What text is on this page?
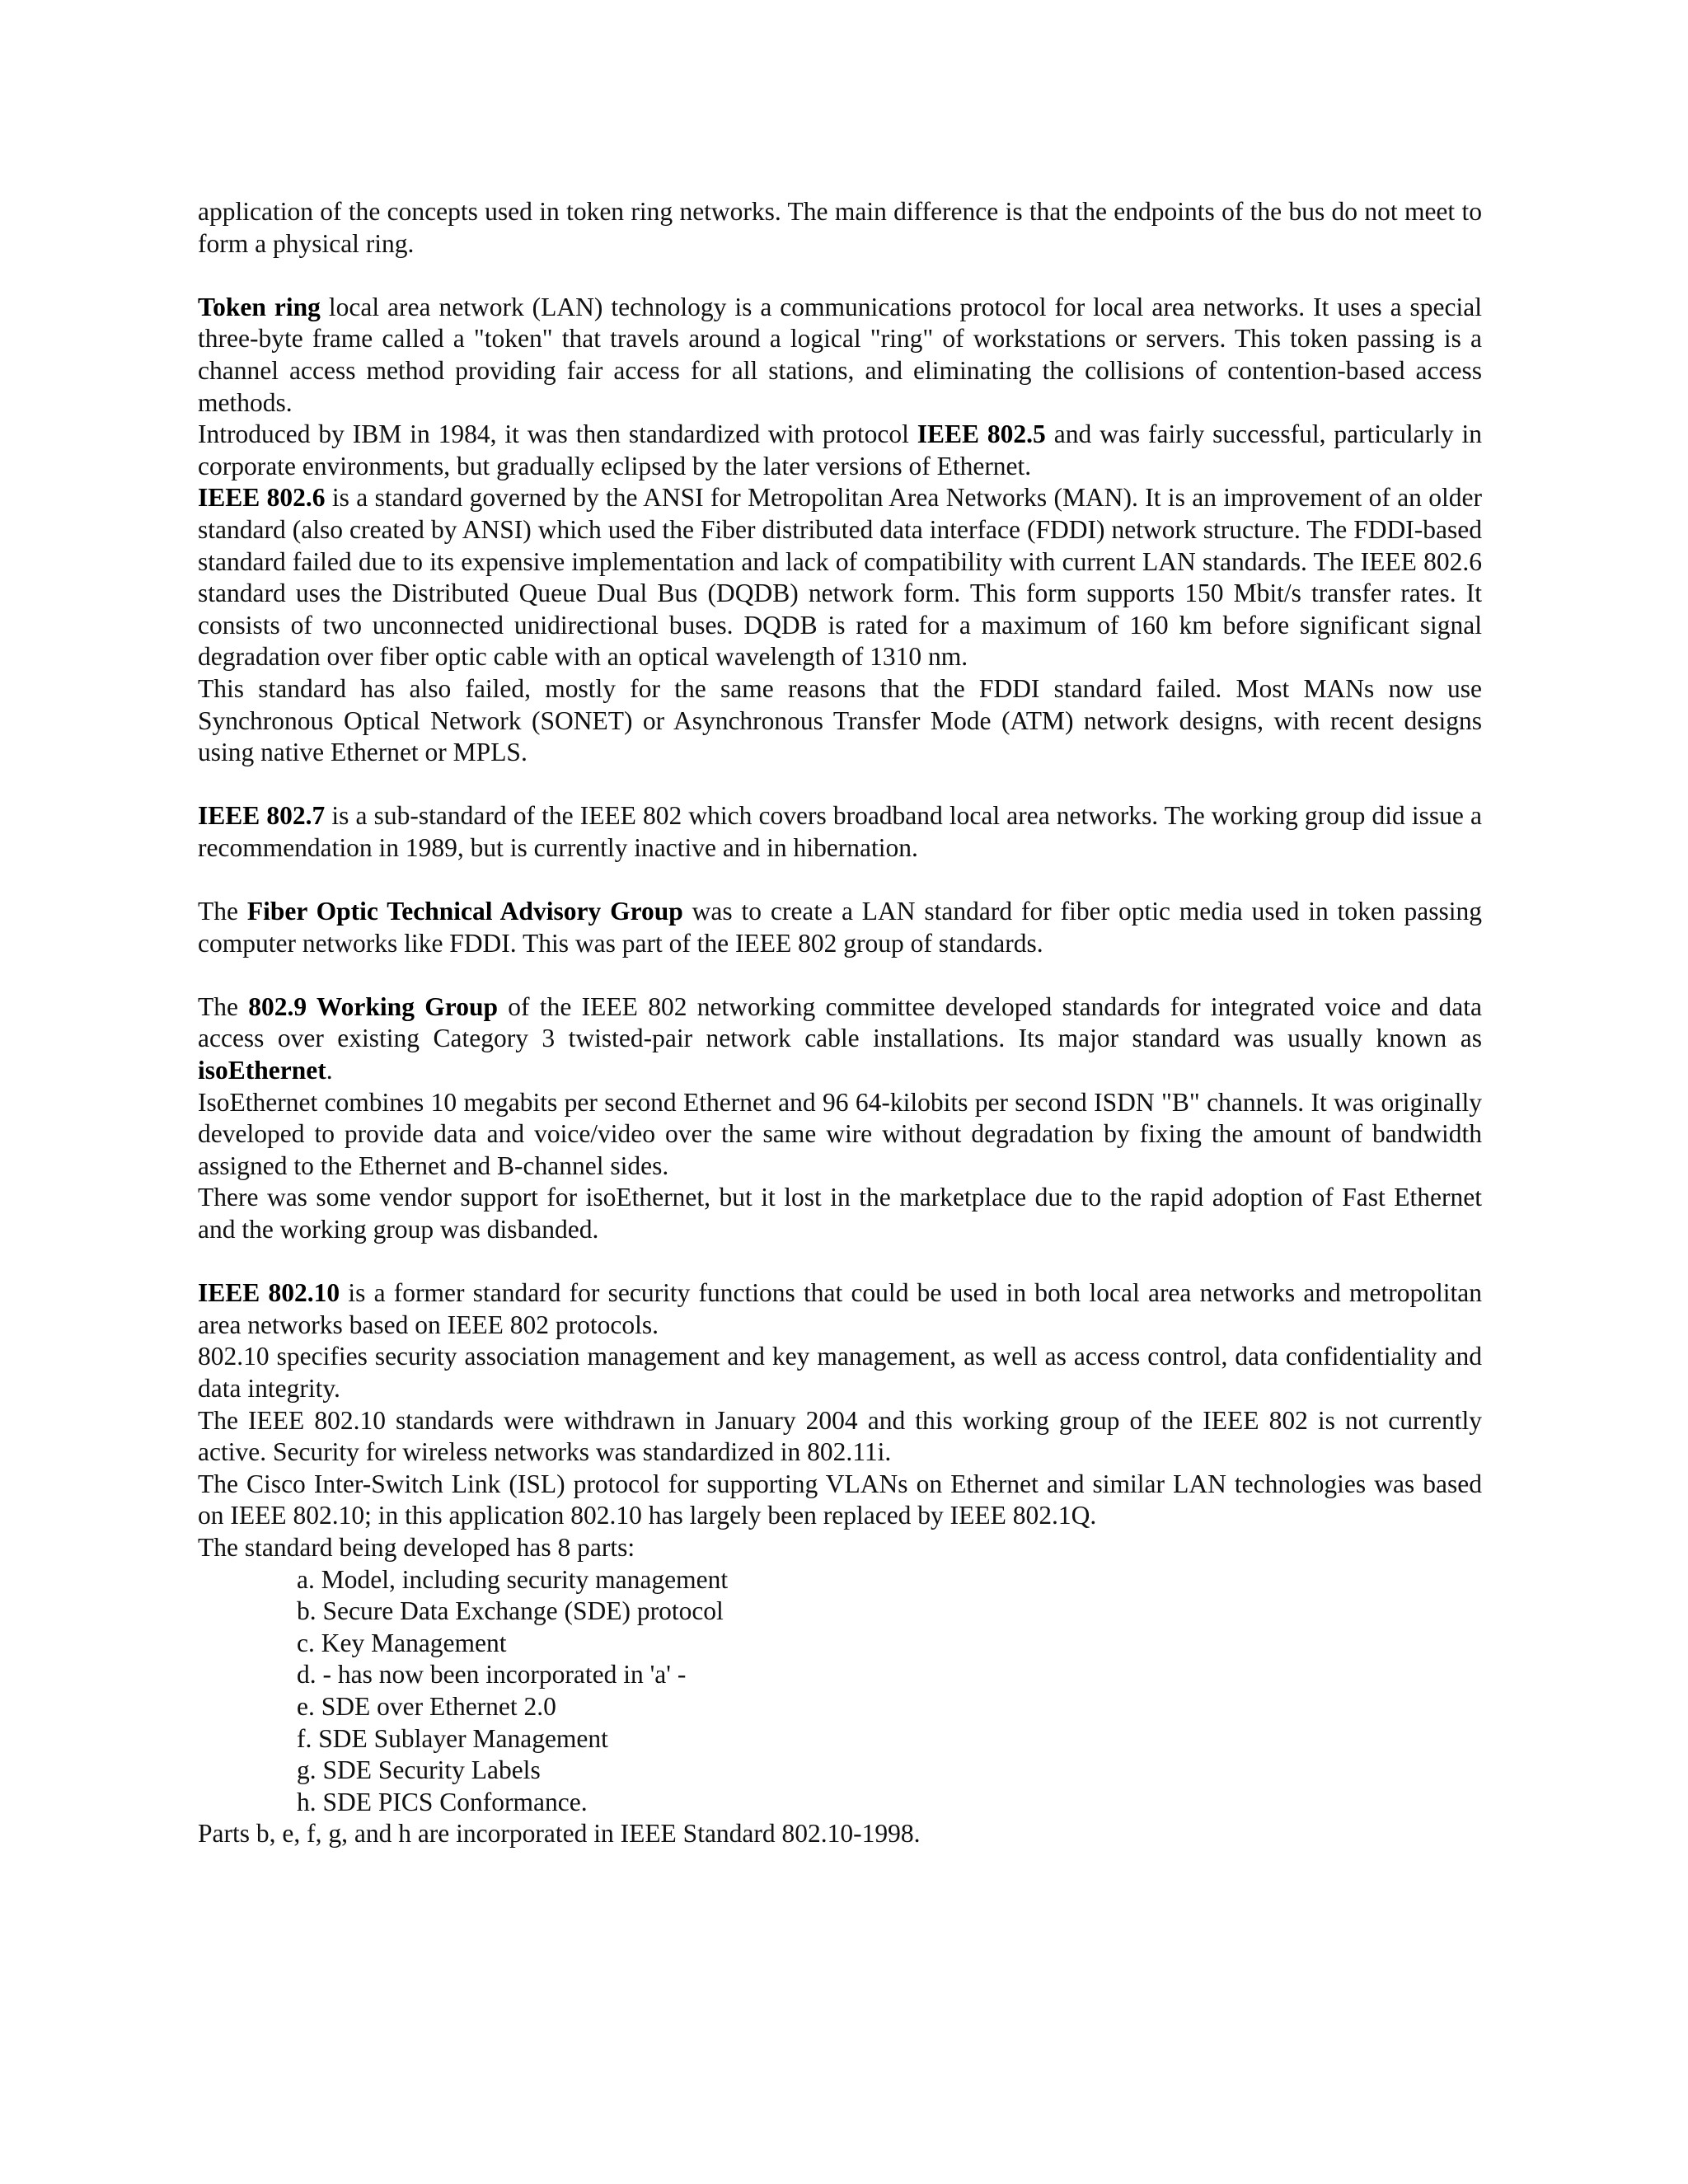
application of the concepts used in token ring networks. The main difference is that the endpoints of the bus do not meet to form a physical ring.

Token ring local area network (LAN) technology is a communications protocol for local area networks. It uses a special three-byte frame called a "token" that travels around a logical "ring" of workstations or servers. This token passing is a channel access method providing fair access for all stations, and eliminating the collisions of contention-based access methods.

Introduced by IBM in 1984, it was then standardized with protocol IEEE 802.5 and was fairly successful, particularly in corporate environments, but gradually eclipsed by the later versions of Ethernet.

IEEE 802.6 is a standard governed by the ANSI for Metropolitan Area Networks (MAN). It is an improvement of an older standard (also created by ANSI) which used the Fiber distributed data interface (FDDI) network structure. The FDDI-based standard failed due to its expensive implementation and lack of compatibility with current LAN standards. The IEEE 802.6 standard uses the Distributed Queue Dual Bus (DQDB) network form. This form supports 150 Mbit/s transfer rates. It consists of two unconnected unidirectional buses. DQDB is rated for a maximum of 160 km before significant signal degradation over fiber optic cable with an optical wavelength of 1310 nm.

This standard has also failed, mostly for the same reasons that the FDDI standard failed. Most MANs now use Synchronous Optical Network (SONET) or Asynchronous Transfer Mode (ATM) network designs, with recent designs using native Ethernet or MPLS.

IEEE 802.7 is a sub-standard of the IEEE 802 which covers broadband local area networks. The working group did issue a recommendation in 1989, but is currently inactive and in hibernation.

The Fiber Optic Technical Advisory Group was to create a LAN standard for fiber optic media used in token passing computer networks like FDDI. This was part of the IEEE 802 group of standards.

The 802.9 Working Group of the IEEE 802 networking committee developed standards for integrated voice and data access over existing Category 3 twisted-pair network cable installations. Its major standard was usually known as isoEthernet.

IsoEthernet combines 10 megabits per second Ethernet and 96 64-kilobits per second ISDN "B" channels. It was originally developed to provide data and voice/video over the same wire without degradation by fixing the amount of bandwidth assigned to the Ethernet and B-channel sides.

There was some vendor support for isoEthernet, but it lost in the marketplace due to the rapid adoption of Fast Ethernet and the working group was disbanded.

IEEE 802.10 is a former standard for security functions that could be used in both local area networks and metropolitan area networks based on IEEE 802 protocols.

802.10 specifies security association management and key management, as well as access control, data confidentiality and data integrity.

The IEEE 802.10 standards were withdrawn in January 2004 and this working group of the IEEE 802 is not currently active. Security for wireless networks was standardized in 802.11i.

The Cisco Inter-Switch Link (ISL) protocol for supporting VLANs on Ethernet and similar LAN technologies was based on IEEE 802.10; in this application 802.10 has largely been replaced by IEEE 802.1Q.

The standard being developed has 8 parts:

a. Model, including security management
b. Secure Data Exchange (SDE) protocol
c. Key Management
d. - has now been incorporated in 'a' -
e. SDE over Ethernet 2.0
f. SDE Sublayer Management
g. SDE Security Labels
h. SDE PICS Conformance.

Parts b, e, f, g, and h are incorporated in IEEE Standard 802.10-1998.
